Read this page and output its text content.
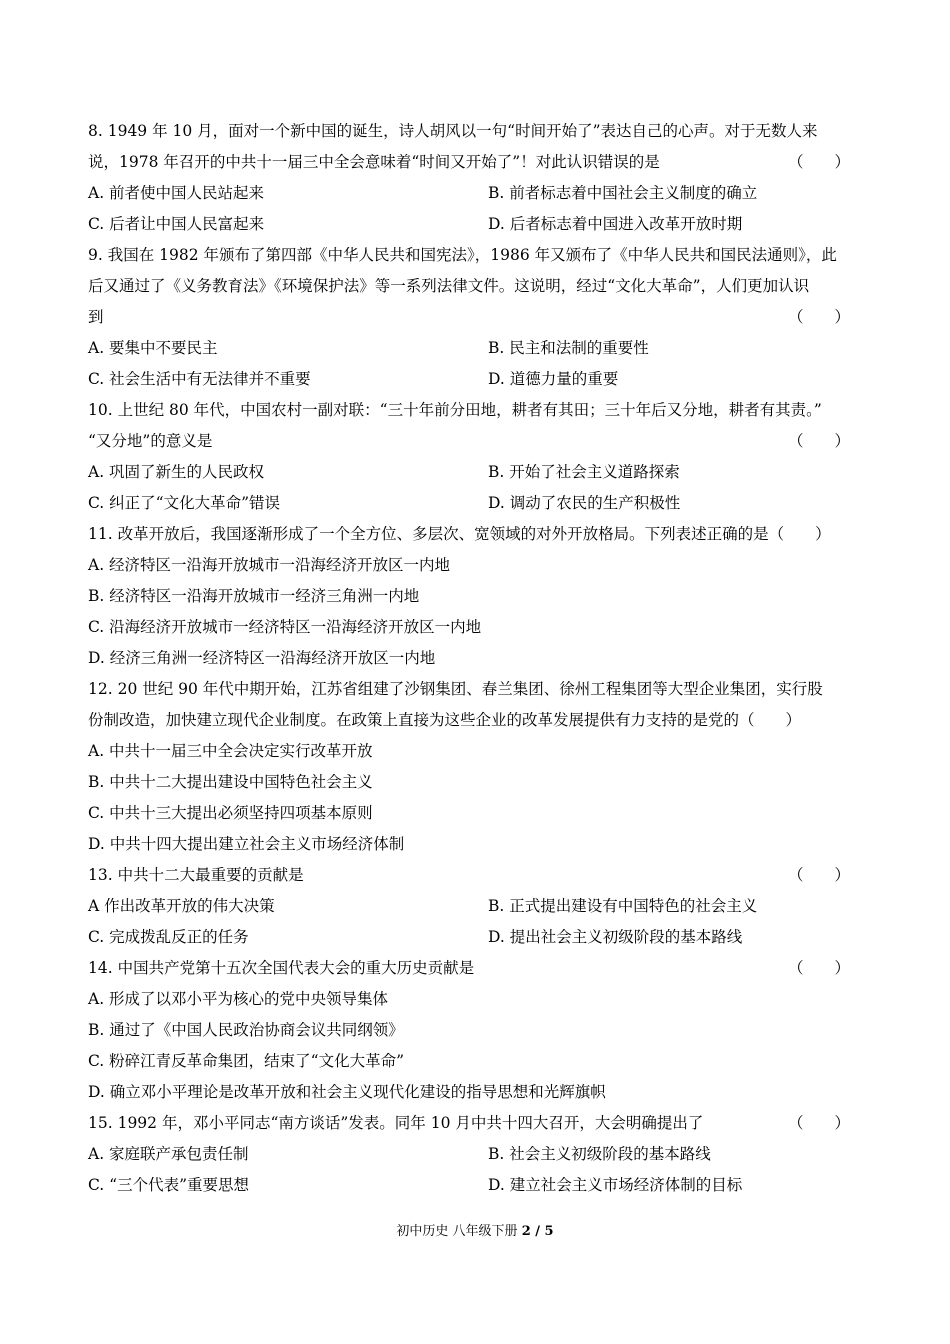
8. 1949 年 10 月，面对一个新中国的诞生，诗人胡风以一句“时间开始了”表达自己的心声。对于无数人来
说，1978 年召开的中共十一届三中全会意味着“时间又开始了”！对此认识错误的是	（　　）
A. 前者使中国人民站起来	B. 前者标志着中国社会主义制度的确立
C. 后者让中国人民富起来	D. 后者标志着中国进入改革开放时期
9. 我国在 1982 年颁布了第四部《中华人民共和国宪法》，1986 年又颁布了《中华人民共和国民法通则》，此
后又通过了《义务教育法》《环境保护法》等一系列法律文件。这说明，经过“文化大革命”，人们更加认识
到	（　　）
A. 要集中不要民主	B. 民主和法制的重要性
C. 社会生活中有无法律并不重要	D. 道德力量的重要
10. 上世纪 80 年代，中国农村一副对联：“三十年前分田地，耕者有其田；三十年后又分地，耕者有其责。”
“又分地”的意义是	（　　）
A. 巩固了新生的人民政权	B. 开始了社会主义道路探索
C. 纠正了“文化大革命”错误	D. 调动了农民的生产积极性
11. 改革开放后，我国逐渐形成了一个全方位、多层次、宽领域的对外开放格局。下列表述正确的是（　　）
A. 经济特区一沿海开放城市一沿海经济开放区一内地
B. 经济特区一沿海开放城市一经济三角洲一内地
C. 沿海经济开放城市一经济特区一沿海经济开放区一内地
D. 经济三角洲一经济特区一沿海经济开放区一内地
12. 20 世纪 90 年代中期开始，江苏省组建了沙钢集团、春兰集团、徐州工程集团等大型企业集团，实行股
份制改造，加快建立现代企业制度。在政策上直接为这些企业的改革发展提供有力支持的是党的（　　）
A. 中共十一届三中全会决定实行改革开放
B. 中共十二大提出建设中国特色社会主义
C. 中共十三大提出必须坚持四项基本原则
D. 中共十四大提出建立社会主义市场经济体制
13. 中共十二大最重要的贡献是	（　　）
A 作出改革开放的伟大决策	B. 正式提出建设有中国特色的社会主义
C. 完成拨乱反正的任务	D. 提出社会主义初级阶段的基本路线
14. 中国共产党第十五次全国代表大会的重大历史贡献是	（　　）
A. 形成了以邓小平为核心的党中央领导集体
B. 通过了《中国人民政治协商会议共同纲领》
C. 粉碎江青反革命集团，结束了“文化大革命”
D. 确立邓小平理论是改革开放和社会主义现代化建设的指导思想和光辉旗帜
15. 1992 年，邓小平同志“南方谈话”发表。同年 10 月中共十四大召开，大会明确提出了	（　　）
A. 家庭联产承包责任制	B. 社会主义初级阶段的基本路线
C. “三个代表”重要思想	D. 建立社会主义市场经济体制的目标
初中历史 八年级下册 2 / 5
